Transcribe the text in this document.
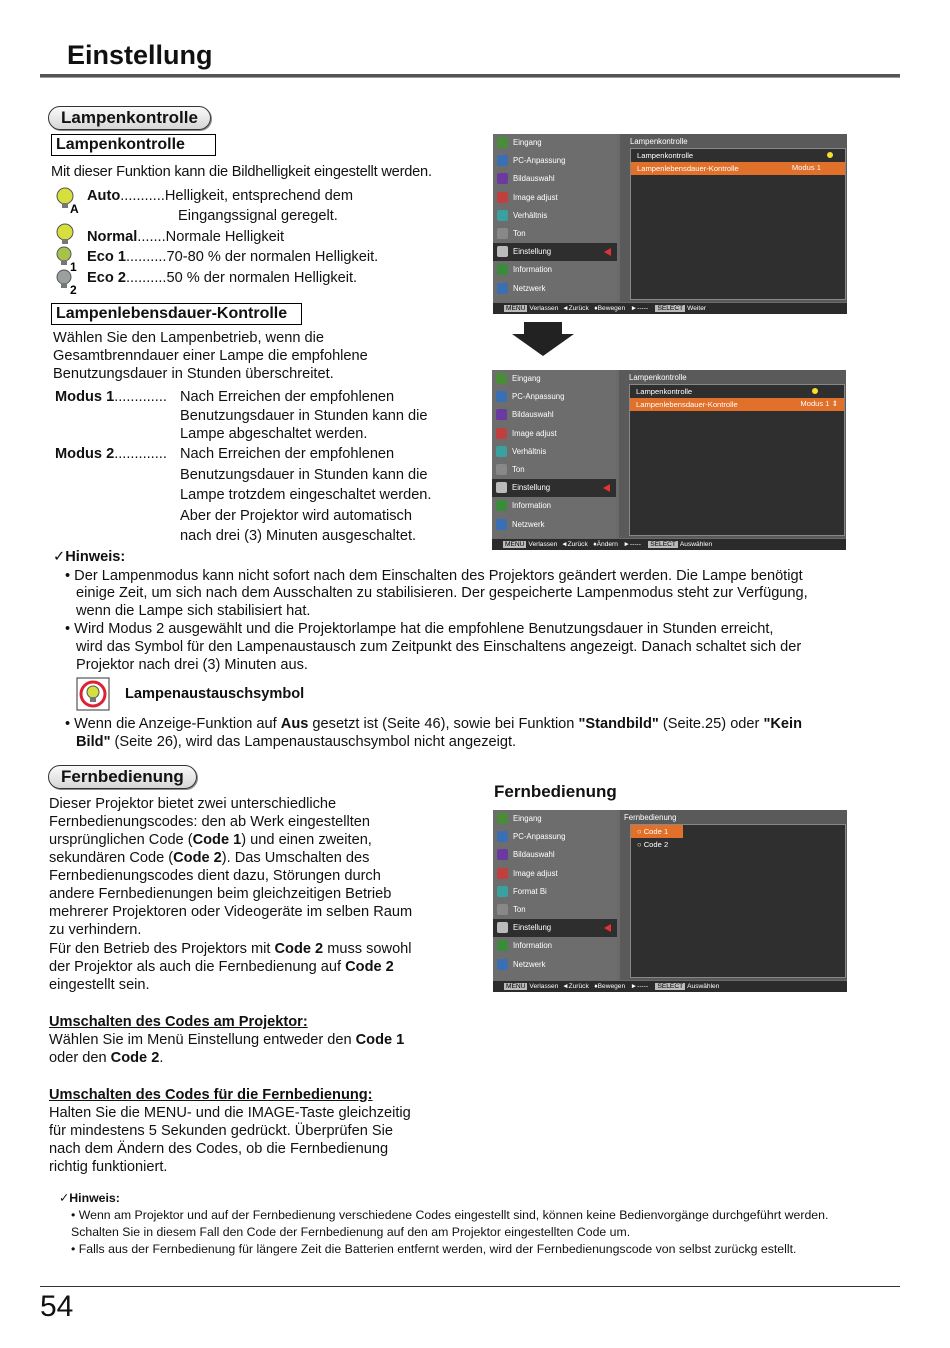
Einstellung
Lampenkontrolle
Lampenkontrolle
Mit dieser Funktion kann die Bildhelligkeit eingestellt werden.
A
1
2
Auto...........Helligkeit, entsprechend dem
Eingangssignal geregelt.
Normal.......Normale Helligkeit
Eco 1..........70-80 % der normalen Helligkeit.
Eco 2..........50 % der normalen Helligkeit.
Lampenlebensdauer-Kontrolle
Wählen Sie den Lampenbetrieb, wenn die
Gesamtbrenndauer einer Lampe die empfohlene
Benutzungsdauer in Stunden überschreitet.
Modus 1............. Nach Erreichen der empfohlenen
Benutzungsdauer in Stunden kann die
Lampe abgeschaltet werden.
Modus 2............. Nach Erreichen der empfohlenen
Benutzungsdauer in Stunden kann die
Lampe trotzdem eingeschaltet werden.
Aber der Projektor wird automatisch
nach drei (3) Minuten ausgeschaltet.
✓Hinweis:
• Der Lampenmodus kann nicht sofort nach dem Einschalten des Projektors geändert werden. Die Lampe benötigt
einige Zeit, um sich nach dem Ausschalten zu stabilisieren. Der gespeicherte Lampenmodus steht zur Verfügung,
wenn die Lampe sich stabilisiert hat.
• Wird Modus 2 ausgewählt und die Projektorlampe hat die empfohlene Benutzungsdauer in Stunden erreicht,
wird das Symbol für den Lampenaustausch zum Zeitpunkt des Einschaltens angezeigt. Danach schaltet sich der
Projektor nach drei (3) Minuten aus.
Lampenaustauschsymbol
• Wenn die Anzeige-Funktion auf Aus gesetzt ist (Seite 46), sowie bei Funktion "Standbild" (Seite.25) oder "Kein
Bild" (Seite 26), wird das Lampenaustauschsymbol nicht angezeigt.
Eingang
PC-Anpassung
Bildauswahl
Image adjust
Verhältnis
Ton
Einstellung
Information
Netzwerk
Lampenkontrolle
Lampenkontrolle
Lampenlebensdauer-Kontrolle	Modus 1
MENU Verlassen ◄Zurück ♦Bewegen ►----- SELECT Weiter
Eingang
PC-Anpassung
Bildauswahl
Image adjust
Verhältnis
Ton
Einstellung
Information
Netzwerk
Lampenkontrolle
Lampenkontrolle
Lampenlebensdauer-Kontrolle	Modus 1 ⇕
MENU Verlassen ◄Zurück ♦Ändern ►----- SELECT Auswählen
Fernbedienung
Fernbedienung
Dieser Projektor bietet zwei unterschiedliche
Fernbedienungscodes: den ab Werk eingestellten
ursprünglichen Code (Code 1) und einen zweiten,
sekundären Code (Code 2). Das Umschalten des
Fernbedienungscodes dient dazu, Störungen durch
andere Fernbedienungen beim gleichzeitigen Betrieb
mehrerer Projektoren oder Videogeräte im selben Raum
zu verhindern.
Für den Betrieb des Projektors mit Code 2 muss sowohl
der Projektor als auch die Fernbedienung auf Code 2
eingestellt sein.
Umschalten des Codes am Projektor:
Wählen Sie im Menü Einstellung entweder den Code 1
oder den Code 2.
Umschalten des Codes für die Fernbedienung:
Halten Sie die MENU- und die IMAGE-Taste gleichzeitig
für mindestens 5 Sekunden gedrückt. Überprüfen Sie
nach dem Ändern des Codes, ob die Fernbedienung
richtig funktioniert.
Eingang
PC-Anpassung
Bildauswahl
Image adjust
Format Bi
Ton
Einstellung
Information
Netzwerk
Fernbedienung
○ Code 1
○ Code 2
MENU Verlassen ◄Zurück ♦Bewegen ►----- SELECT Auswählen
✓Hinweis:
• Wenn am Projektor und auf der Fernbedienung verschiedene Codes eingestellt sind, können keine Bedienvorgänge durchgeführt werden.
Schalten Sie in diesem Fall den Code der Fernbedienung auf den am Projektor eingestellten Code um.
• Falls aus der Fernbedienung für längere Zeit die Batterien entfernt werden, wird der Fernbedienungscode von selbst zurückg estellt.
54
